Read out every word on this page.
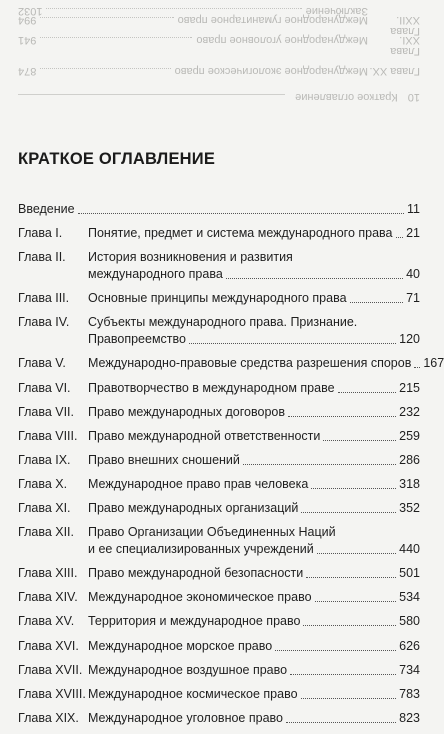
10
Краткое оглавление
Глава XX.
Международное экологическое право
874
Глава XXI.
Международное уголовное право
941
Глава XXII.
Международное гуманитарное право
994
Заключение
1032
КРАТКОЕ ОГЛАВЛЕНИЕ
Введение	11
Глава I.	Понятие, предмет и система международного права 21
Глава II.	История возникновения и развития
международного права	40
Глава III.	Основные принципы международного права	71
Глава IV.	Субъекты международного права. Признание.
Правопреемство	120
Глава V.	Международно-правовые средства разрешения споров 167
Глава VI.	Правотворчество в международном праве	215
Глава VII.	Право международных договоров	232
Глава VIII. Право международной ответственности	259
Глава IX.	Право внешних сношений	286
Глава X.	Международное право прав человека	318
Глава XI.	Право международных организаций	352
Глава XII.	Право Организации Объединенных Наций
и ее специализированных учреждений	440
Глава XIII. Право международной безопасности	501
Глава XIV. Международное экономическое право	534
Глава XV.	Территория и международное право	580
Глава XVI. Международное морское право	626
Глава XVII. Международное воздушное право	734
Глава XVIII. Международное космическое право	783
Глава XIX. Международное уголовное право	823
